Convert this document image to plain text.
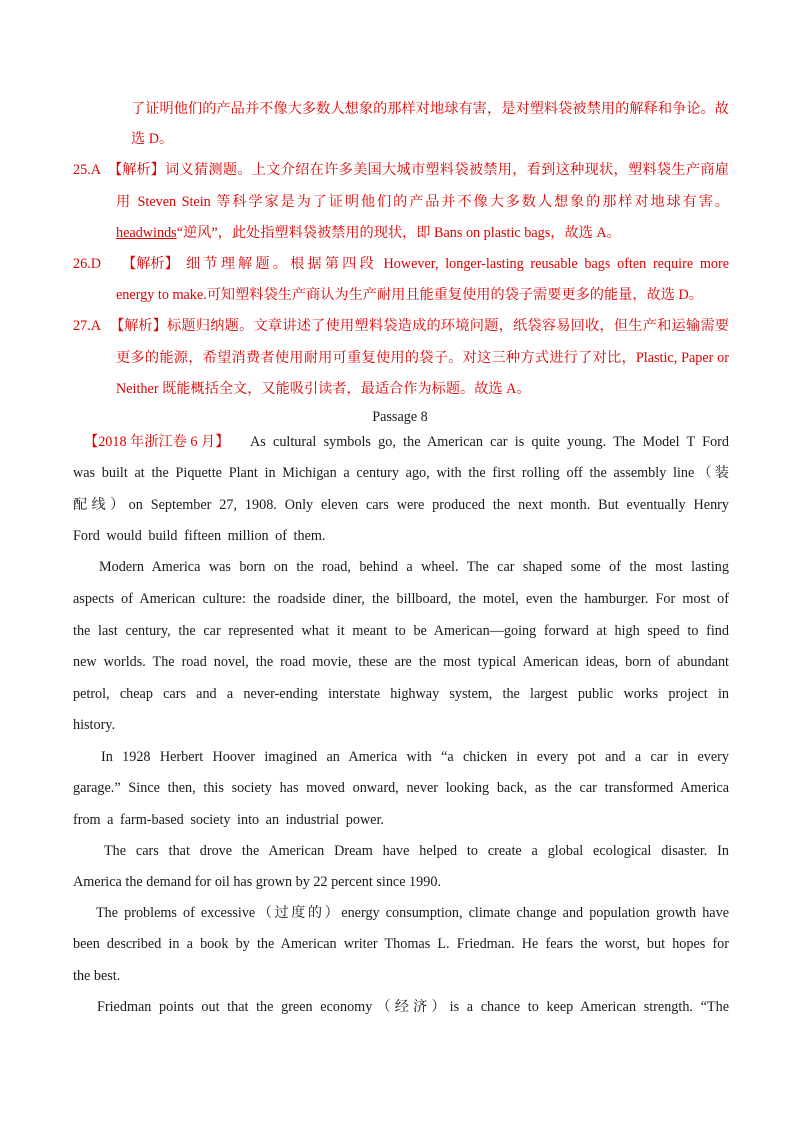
了证明他们的产品并不像大多数人想象的那样对地球有害，是对塑料袋被禁用的解释和争论。故
选 D。
25.A 【解析】 词义猜测题。上文介绍在许多美国大城市塑料袋被禁用，看到这种现状，塑料袋生产商雇
用 Steven Stein 等科学家是为了证明他们的产品并不像大多数人想象的那样对地球有害。
headwinds“逆风”，此处指塑料袋被禁用的现状，即 Bans on plastic bags，故选 A。
26.D 【解析】 细节理解题。根据第四段 However, longer-lasting reusable bags often require more
energy to make.可知塑料袋生产商认为生产耐用且能重复使用的袋子需要更多的能量，故选 D。
27.A 【解析】 标题归纳题。文章讲述了使用塑料袋造成的环境问题，纸袋容易回收，但生产和运输需要
更多的能源，希望消费者使用耐用可重复使用的袋子。对这三种方式进行了对比，Plastic, Paper or
Neither 既能概括全文，又能吸引读者，最适合作为标题。故选 A。
Passage 8
【2018 年浙江卷 6 月】 As cultural symbols go, the American car is quite young. The Model T Ford
was built at the Piquette Plant in Michigan a century ago, with the first rolling off the assembly line（装
配线）on September 27, 1908. Only eleven cars were produced the next month. But eventually Henry
Ford would build fifteen million of them.
Modern America was born on the road, behind a wheel. The car shaped some of the most lasting
aspects of American culture: the roadside diner, the billboard, the motel, even the hamburger. For most of
the last century, the car represented what it meant to be American—going forward at high speed to find
new worlds. The road novel, the road movie, these are the most typical American ideas, born of abundant
petrol, cheap cars and a never-ending interstate highway system, the largest public works project in
history.
In 1928 Herbert Hoover imagined an America with “a chicken in every pot and a car in every
garage.” Since then, this society has moved onward, never looking back, as the car transformed America
from a farm-based society into an industrial power.
The cars that drove the American Dream have helped to create a global ecological disaster. In
America the demand for oil has grown by 22 percent since 1990.
The problems of excessive（过度的）energy consumption, climate change and population growth have
been described in a book by the American writer Thomas L. Friedman. He fears the worst, but hopes for
the best.
Friedman points out that the green economy（经济）is a chance to keep American strength. “The
